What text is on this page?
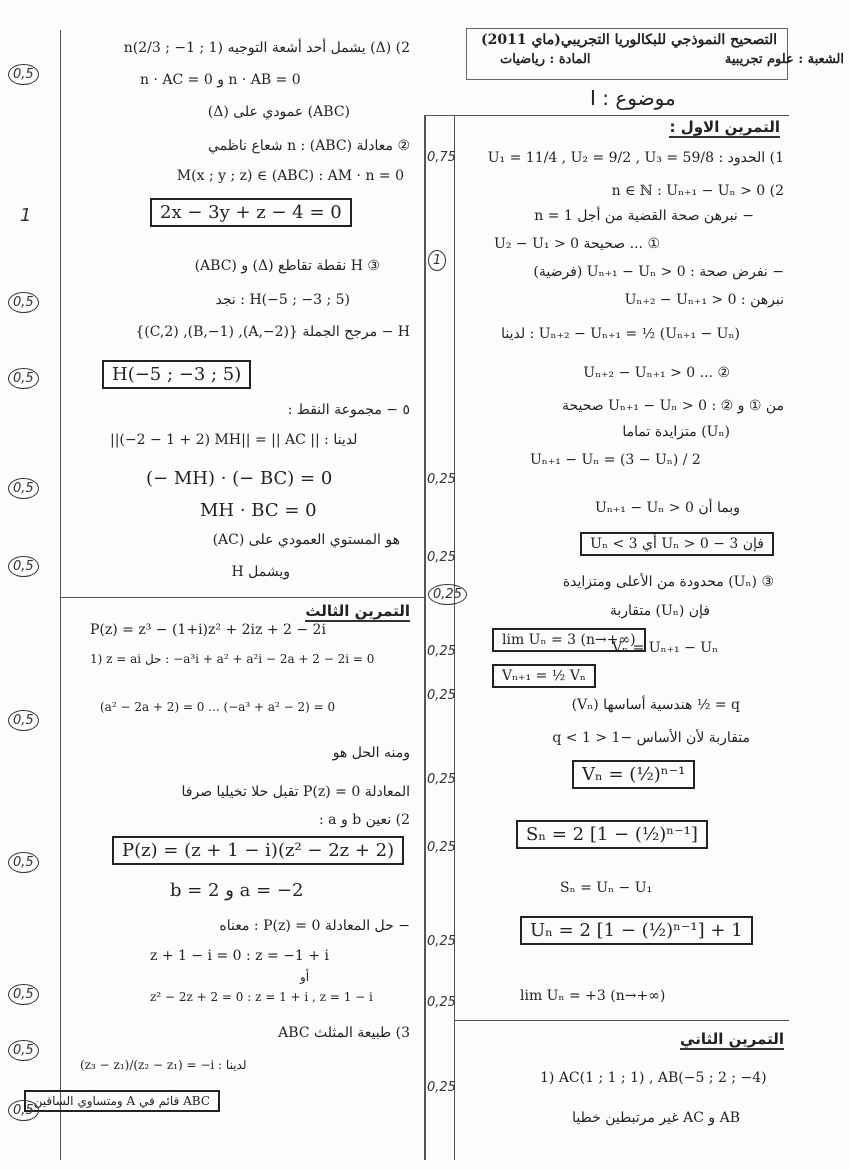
التصحيح النموذجي للبكالوريا التجريبي(ماي 2011)
الشعبة : علوم تجريبية
المادة : رياضيات
موضوع : I
التمرين الاول :
1) الحدود : U₁ = 11/4 , U₂ = 9/2 , U₃ = 59/8
2) n ∈ ℕ : Uₙ₊₁ − Uₙ > 0
− نبرهن صحة القضية من أجل n = 1
① ... صحيحة U₂ − U₁ > 0
− نفرض صحة : Uₙ₊₁ − Uₙ > 0 (فرضية)
نبرهن : Uₙ₊₂ − Uₙ₊₁ > 0
Uₙ₊₂ − Uₙ₊₁ = ½ (Uₙ₊₁ − Uₙ) : لدينا
② ... Uₙ₊₂ − Uₙ₊₁ > 0
من ① و ② : Uₙ₊₁ − Uₙ > 0 صحيحة
(Uₙ) متزايدة تماما
Uₙ₊₁ − Uₙ = (3 − Uₙ) / 2
وبما أن Uₙ₊₁ − Uₙ > 0
فإن 3 − Uₙ > 0 أي Uₙ < 3
③ (Uₙ) محدودة من الأعلى ومتزايدة
فإن (Uₙ) متقاربة
lim Uₙ = 3 (n→+∞)
Vₙ = Uₙ₊₁ − Uₙ
Vₙ₊₁ = ½ Vₙ
q = ½ هندسية أساسها (Vₙ)
متقاربة لأن الأساس −1 < q < 1
Vₙ = (½)ⁿ⁻¹
Sₙ = 2 [1 − (½)ⁿ⁻¹]
Sₙ = Uₙ − U₁
Uₙ = 2 [1 − (½)ⁿ⁻¹] + 1
lim Uₙ = +3 (n→+∞)
التمرين الثاني
1) AC(1 ; 1 ; 1) , AB(−5 ; 2 ; −4)
AB و AC غير مرتبطين خطيا
0,75
1
0,25
0,25
0,25
0,25
0,25
0,25
0,25
0,25
0,25
0,25
2) (Δ) يشمل أحد أشعة التوجيه n(2/3 ; −1 ; 1)
n · AC = 0 و n · AB = 0
(ABC) عمودي على (Δ)
② معادلة (ABC) : n شعاع ناظمي
M(x ; y ; z) ∈ (ABC) : AM · n = 0
2x − 3y + z − 4 = 0
③ H نقطة تقاطع (Δ) و (ABC)
H(−5 ; −3 ; 5) : نجد
H − مرجح الجملة {(A,−2), (B,−1), (C,2)}
H(−5 ; −3 ; 5)
٥ − مجموعة النقط :
||(−2 − 1 + 2) MH|| = || AC || : لدينا
(− MH) · (− BC) = 0
MH · BC = 0
هو المستوي العمودي على (AC)
ويشمل H
التمرين الثالث
P(z) = z³ − (1+i)z² + 2iz + 2 − 2i
1) z = ai حل : −a³i + a² + a²i − 2a + 2 − 2i = 0
(a² − 2a + 2) = 0 ... (−a³ + a² − 2) = 0
ومنه الحل هو
المعادلة P(z) = 0 تقبل حلا تخيليا صرفا
2) نعين b و a :
P(z) = (z + 1 − i)(z² − 2z + 2)
b = 2 و a = −2
− حل المعادلة P(z) = 0 : معناه
z + 1 − i = 0 : z = −1 + i
أو
z² − 2z + 2 = 0 : z = 1 + i , z = 1 − i
3) طبيعة المثلث ABC
(z₃ − z₁)/(z₂ − z₁) = −i : لدينا
ABC قائم في A ومتساوي الساقين
0,5
1
0,5
0,5
0,5
0,5
0,5
0,5
0,5
0,5
0,5
